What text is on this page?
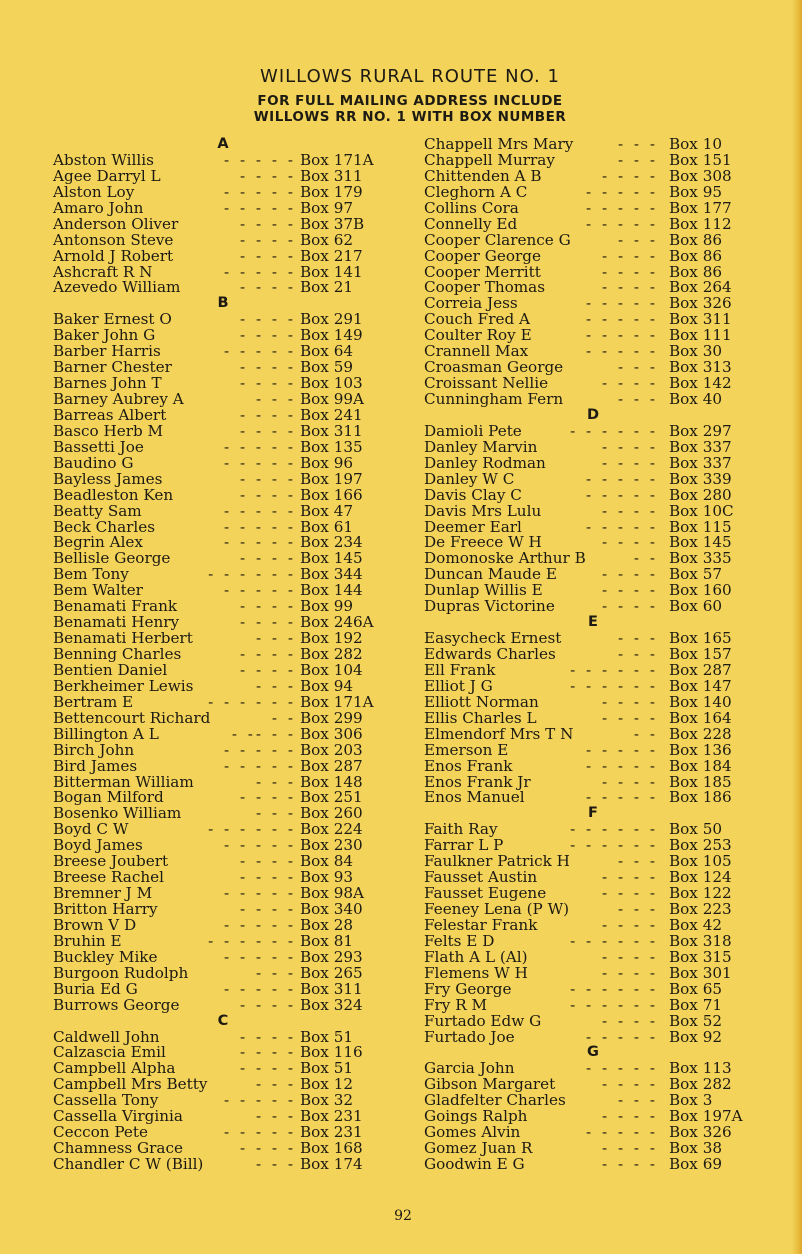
WILLOWS RURAL ROUTE NO. 1
FOR FULL MAILING ADDRESS INCLUDE
WILLOWS RR NO. 1 WITH BOX NUMBER
A
Abston Willis	- - - - - Box 171A
Agee Darryl L	- - - - Box 311
Alston Loy	- - - - - Box 179
Amaro John	- - - - - Box 97
Anderson Oliver	- - - - Box 37B
Antonson Steve	- - - - Box 62
Arnold J Robert	- - - - Box 217
Ashcraft R N	- - - - - Box 141
Azevedo William	- - - - Box 21
B
Baker Ernest O	- - - - Box 291
Baker John G	- - - - Box 149
Barber Harris	- - - - - Box 64
Barner Chester	- - - - Box 59
Barnes John T	- - - - Box 103
Barney Aubrey A	- - - Box 99A
Barreas Albert	- - - - Box 241
Basco Herb M	- - - - Box 311
Bassetti Joe	- - - - - Box 135
Baudino G	- - - - - Box 96
Bayless James	- - - - Box 197
Beadleston Ken	- - - - Box 166
Beatty Sam	- - - - - Box 47
Beck Charles	- - - - - Box 61
Begrin Alex	- - - - - Box 234
Bellisle George	- - - - Box 145
Bem Tony	- - - - - - Box 344
Bem Walter	- - - - - Box 144
Benamati Frank	- - - - Box 99
Benamati Henry	- - - - Box 246A
Benamati Herbert	- - - Box 192
Benning Charles	- - - - Box 282
Bentien Daniel	- - - - Box 104
Berkheimer Lewis	- - - Box 94
Bertram E	- - - - - - Box 171A
Bettencourt Richard	- - Box 299
Billington A L	- -- - - Box 306
Birch John	- - - - - Box 203
Bird James	- - - - - Box 287
Bitterman William	- - - Box 148
Bogan Milford	- - - - Box 251
Bosenko William	- - - Box 260
Boyd C W	- - - - - - Box 224
Boyd James	- - - - - Box 230
Breese Joubert	- - - - Box 84
Breese Rachel	- - - - Box 93
Bremner J M	- - - - - Box 98A
Britton Harry	- - - - Box 340
Brown V D	- - - - - Box 28
Bruhin E	- - - - - - Box 81
Buckley Mike	- - - - - Box 293
Burgoon Rudolph	- - - Box 265
Buria Ed G	- - - - - Box 311
Burrows George	- - - - Box 324
C
Caldwell John	- - - - Box 51
Calzascia Emil	- - - - Box 116
Campbell Alpha	- - - - Box 51
Campbell Mrs Betty	- - - Box 12
Cassella Tony	- - - - - Box 32
Cassella Virginia	- - - Box 231
Ceccon Pete	- - - - - Box 231
Chamness Grace	- - - - Box 168
Chandler C W (Bill)	- - - Box 174
Chappell Mrs Mary	- - - Box 10
Chappell Murray	- - - Box 151
Chittenden A B	- - - - Box 308
Cleghorn A C	- - - - - Box 95
Collins Cora	- - - - - Box 177
Connelly Ed	- - - - - Box 112
Cooper Clarence G	- - - Box 86
Cooper George	- - - - Box 86
Cooper Merritt	- - - - Box 86
Cooper Thomas	- - - - Box 264
Correia Jess	- - - - - Box 326
Couch Fred A	- - - - - Box 311
Coulter Roy E	- - - - - Box 111
Crannell Max	- - - - - Box 30
Croasman George	- - - Box 313
Croissant Nellie	- - - - Box 142
Cunningham Fern	- - - Box 40
D
Damioli Pete	- - - - - - Box 297
Danley Marvin	- - - - Box 337
Danley Rodman	- - - - Box 337
Danley W C	- - - - - Box 339
Davis Clay C	- - - - - Box 280
Davis Mrs Lulu	- - - - Box 10C
Deemer Earl	- - - - - Box 115
De Freece W H	- - - - Box 145
Domonoske Arthur B	- - Box 335
Duncan Maude E	- - - - Box 57
Dunlap Willis E	- - - - Box 160
Dupras Victorine	- - - - Box 60
E
Easycheck Ernest	- - - Box 165
Edwards Charles	- - - Box 157
Ell Frank	- - - - - - Box 287
Elliot J G	- - - - - - Box 147
Elliott Norman	- - - - Box 140
Ellis Charles L	- - - - Box 164
Elmendorf Mrs T N	- - Box 228
Emerson E	- - - - - Box 136
Enos Frank	- - - - - Box 184
Enos Frank Jr	- - - - Box 185
Enos Manuel	- - - - - Box 186
F
Faith Ray	- - - - - - Box 50
Farrar L P	- - - - - - Box 253
Faulkner Patrick H	- - - Box 105
Fausset Austin	- - - - Box 124
Fausset Eugene	- - - - Box 122
Feeney Lena (P W)	- - - Box 223
Felestar Frank	- - - - Box 42
Felts E D	- - - - - - Box 318
Flath A L (Al)	- - - - Box 315
Flemens W H	- - - - Box 301
Fry George	- - - - - - Box 65
Fry R M	- - - - - - Box 71
Furtado Edw G	- - - - Box 52
Furtado Joe	- - - - - Box 92
G
Garcia John	- - - - - Box 113
Gibson Margaret	- - - - Box 282
Gladfelter Charles	- - - Box 3
Goings Ralph	- - - - Box 197A
Gomes Alvin	- - - - - Box 326
Gomez Juan R	- - - - Box 38
Goodwin E G	- - - - Box 69
92
